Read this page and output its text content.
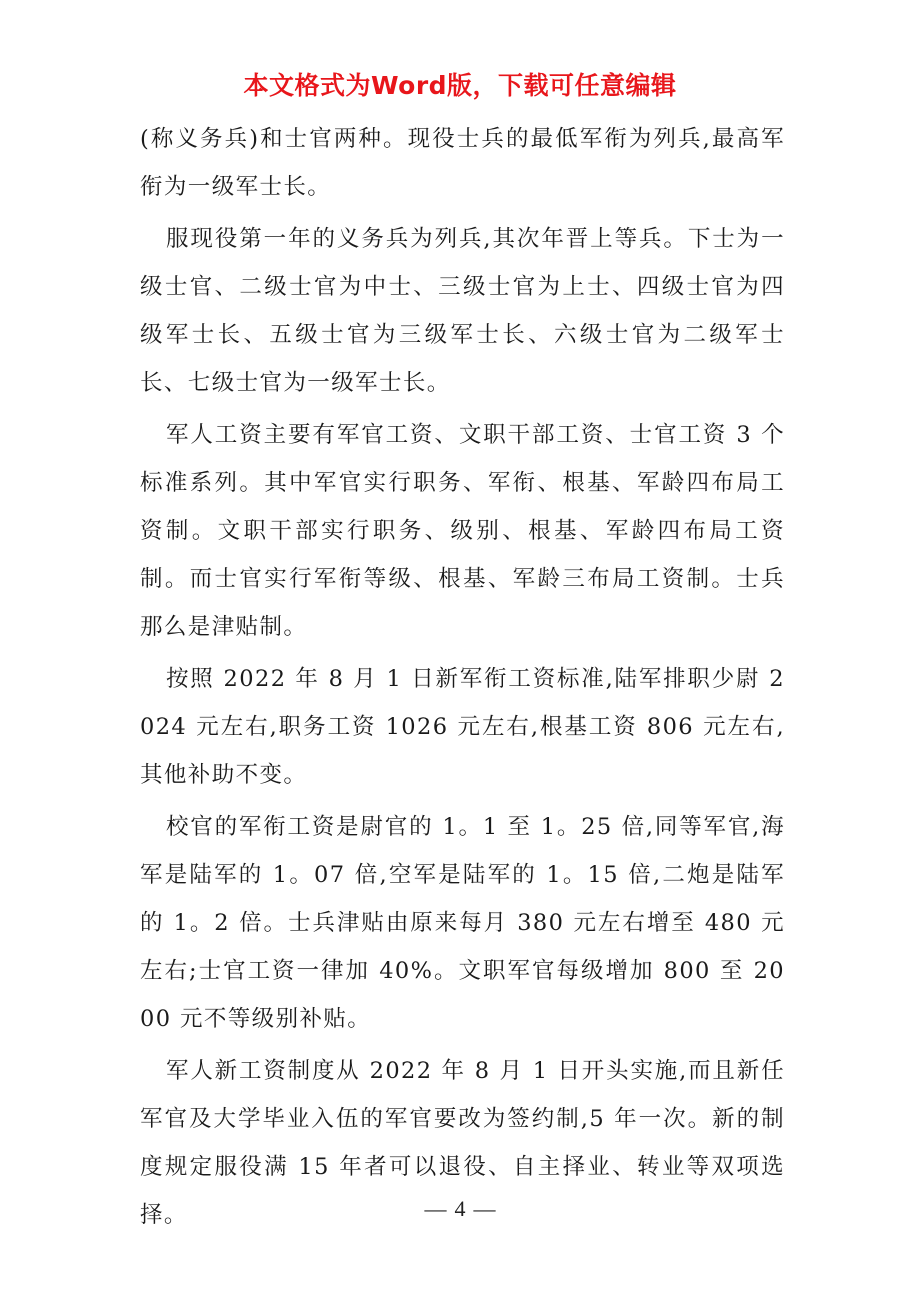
本文格式为Word版，下载可任意编辑

(称义务兵)和士官两种。现役士兵的最低军衔为列兵,最高军衔为一级军士长。

服现役第一年的义务兵为列兵,其次年晋上等兵。下士为一级士官、二级士官为中士、三级士官为上士、四级士官为四级军士长、五级士官为三级军士长、六级士官为二级军士长、七级士官为一级军士长。

军人工资主要有军官工资、文职干部工资、士官工资 3 个标准系列。其中军官实行职务、军衔、根基、军龄四布局工资制。文职干部实行职务、级别、根基、军龄四布局工资制。而士官实行军衔等级、根基、军龄三布局工资制。士兵那么是津贴制。

按照 2022 年 8 月 1 日新军衔工资标准,陆军排职少尉 2024 元左右,职务工资 1026 元左右,根基工资 806 元左右,其他补助不变。

校官的军衔工资是尉官的 1。1 至 1。25 倍,同等军官,海军是陆军的 1。07 倍,空军是陆军的 1。15 倍,二炮是陆军的 1。2 倍。士兵津贴由原来每月 380 元左右增至 480 元左右;士官工资一律加 40%。文职军官每级增加 800 至 2000 元不等级别补贴。

军人新工资制度从 2022 年 8 月 1 日开头实施,而且新任军官及大学毕业入伍的军官要改为签约制,5 年一次。新的制度规定服役满 15 年者可以退役、自主择业、转业等双项选择。	— 4 —
